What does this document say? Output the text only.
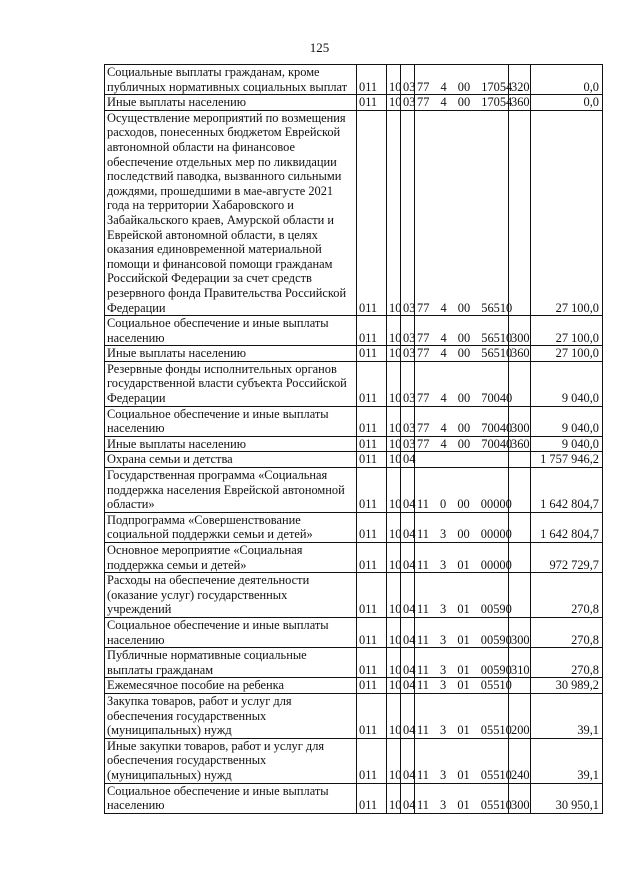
125
Социальные выплаты гражданам, кроме публичных нормативных социальных выплат	011	10	03	77 4 00 17054	320	0,0
Иные выплаты населению	011	10	03	77 4 00 17054	360	0,0
Осуществление мероприятий по возмещения расходов, понесенных бюджетом Еврейской автономной области на финансовое обеспечение отдельных мер по ликвидации последствий паводка, вызванного сильными дождями, прошедшими в мае-августе 2021 года на территории Хабаровского и Забайкальского краев, Амурской области и Еврейской автономной области, в целях оказания единовременной материальной помощи и финансовой помощи гражданам Российской Федерации за счет средств резервного фонда Правительства Российской Федерации	011	10	03	77 4 00 56510		27 100,0
Социальное обеспечение и иные выплаты населению	011	10	03	77 4 00 56510	300	27 100,0
Иные выплаты населению	011	10	03	77 4 00 56510	360	27 100,0
Резервные фонды исполнительных органов государственной власти субъекта Российской Федерации	011	10	03	77 4 00 70040		9 040,0
Социальное обеспечение и иные выплаты населению	011	10	03	77 4 00 70040	300	9 040,0
Иные выплаты населению	011	10	03	77 4 00 70040	360	9 040,0
Охрана семьи и детства	011	10	04			1 757 946,2
Государственная программа «Социальная поддержка населения Еврейской автономной области»	011	10	04	11 0 00 00000		1 642 804,7
Подпрограмма «Совершенствование социальной поддержки семьи и детей»	011	10	04	11 3 00 00000		1 642 804,7
Основное мероприятие «Социальная поддержка семьи и детей»	011	10	04	11 3 01 00000		972 729,7
Расходы на обеспечение деятельности (оказание услуг) государственных учреждений	011	10	04	11 3 01 00590		270,8
Социальное обеспечение и иные выплаты населению	011	10	04	11 3 01 00590	300	270,8
Публичные нормативные социальные выплаты гражданам	011	10	04	11 3 01 00590	310	270,8
Ежемесячное пособие на ребенка	011	10	04	11 3 01 05510		30 989,2
Закупка товаров, работ и услуг для обеспечения государственных (муниципальных) нужд	011	10	04	11 3 01 05510	200	39,1
Иные закупки товаров, работ и услуг для обеспечения государственных (муниципальных) нужд	011	10	04	11 3 01 05510	240	39,1
Социальное обеспечение и иные выплаты населению	011	10	04	11 3 01 05510	300	30 950,1
